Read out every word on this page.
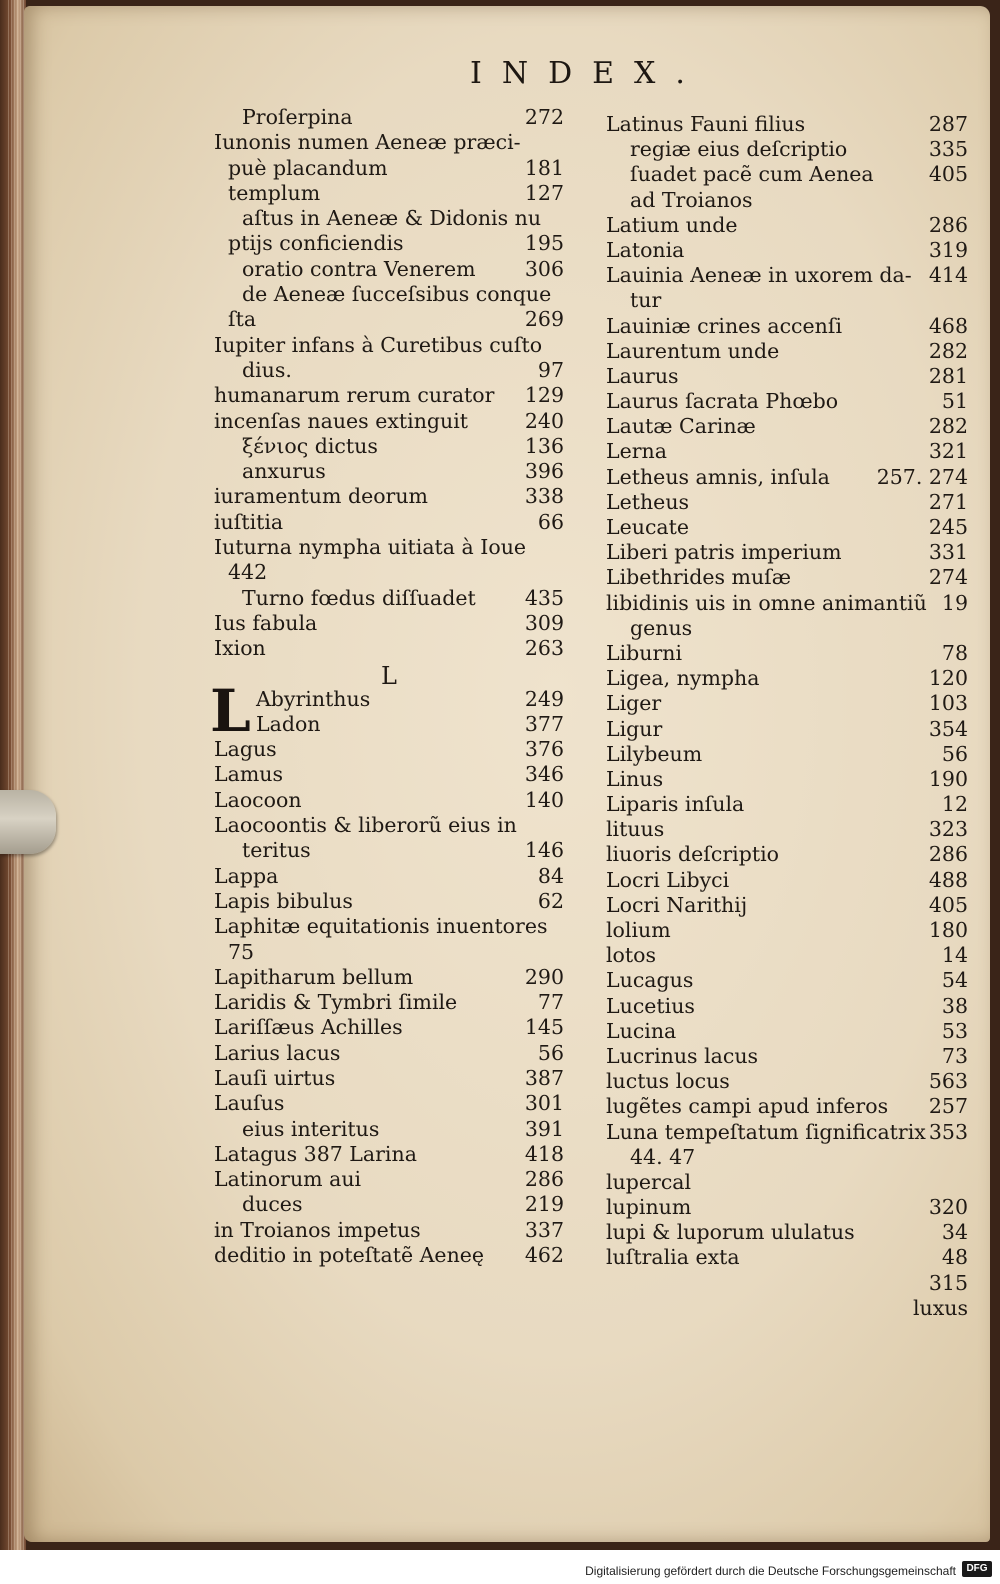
INDEX.
Proſerpina	272
Iunonis numen Aeneæ præci-
puè placandum	181
templum	127
aſtus in Aeneæ & Didonis nu
ptijs conficiendis	195
oratio contra Venerem 306
de Aeneæ ſucceſsibus conque
ſta	269
Iupiter infans à Curetibus cuſto
dius.	97
humanarum rerum curator 129
incenſas naues extinguit	240
ξένιος dictus	136
anxurus	396
iuramentum deorum	338
iuſtitia	66
Iuturna nympha uitiata à Ioue
442
Turno fœdus diſſuadet 435
Ius fabula	309
Ixion	263
L
L Abyrinthus	249
Ladon	377
Lagus	376
Lamus	346
Laocoon	140
Laocoontis & liberorũ eius in
teritus	146
Lappa	84
Lapis bibulus	62
Laphitæ equitationis inuentores
75
Lapitharum bellum	290
Laridis & Tymbri ſimile	77
Lariſſæus Achilles	145
Larius lacus	56
Lauſi uirtus	387
Lauſus	301
eius interitus	391
Latagus 387 Larina	418
Latinorum aui	286
duces	219
in Troianos impetus	337
deditio in poteſtatẽ Aeneę 462
Latinus Fauni filius	287
regiæ eius deſcriptio	335
ſuadet pacẽ cum Aenea	405
ad Troianos
Latium unde	286
Latonia	319
Lauinia Aeneæ in uxorem da- 414
tur
Lauiniæ crines accenſi	468
Laurentum unde	282
Laurus	281
Laurus ſacrata Phœbo	51
Lautæ Carinæ	282
Lerna	321
Letheus amnis, inſula 257. 274
Letheus	271
Leucate	245
Liberi patris imperium	331
Libethrides muſæ	274
libidinis uis in omne animantiũ 19
genus
Liburni	78
Ligea, nympha	120
Liger	103
Ligur	354
Lilybeum	56
Linus	190
Liparis inſula	12
lituus	323
liuoris deſcriptio	286
Locri Libyci	488
Locri Narithij	405
lolium	180
lotos	14
Lucagus	54
Lucetius	38
Lucina	53
Lucrinus lacus	73
luctus locus	563
lugẽtes campi apud inferos 257
Luna tempeſtatum ſignificatrix 353
44. 47
lupercal
lupinum	320
lupi & luporum ululatus	34
luſtralia exta	48
315
luxus
Digitalisierung gefördert durch die Deutsche Forschungsgemeinschaft	DFG
